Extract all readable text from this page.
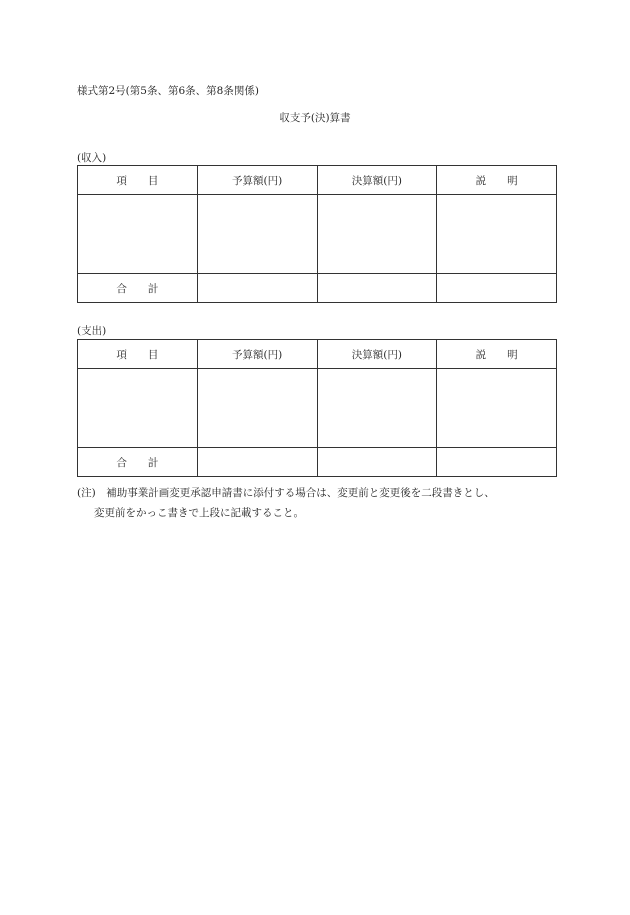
様式第2号(第5条、第6条、第8条関係)
収支予(決)算書
(収入)
項　　目	予算額(円)	決算額(円)	説　　明

合　　計			
(支出)
項　　目	予算額(円)	決算額(円)	説　　明

合　　計			
(注)　補助事業計画変更承認申請書に添付する場合は、変更前と変更後を二段書きとし、
変更前をかっこ書きで上段に記載すること。
